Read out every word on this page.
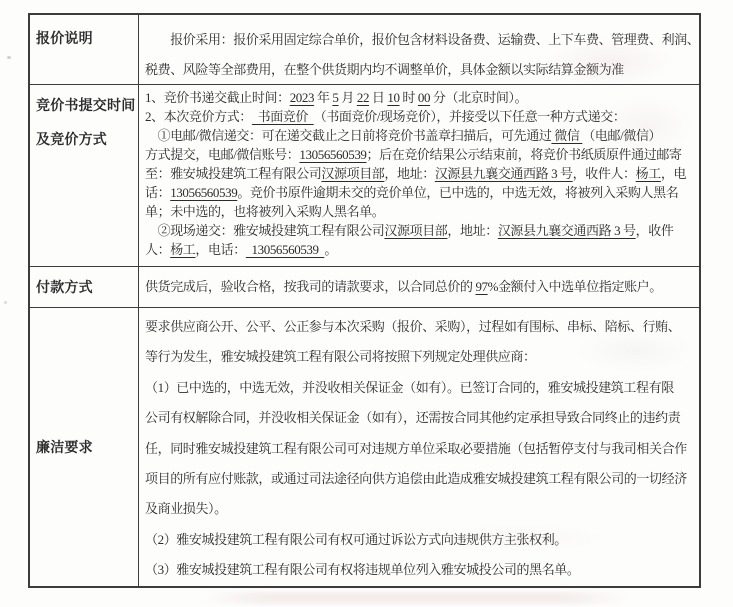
报价说明	　　报价采用：报价采用固定综合单价，报价包含材料设备费、运输费、上下车费、管理费、利润、
税费、风险等全部费用，在整个供货期内均不调整单价，具体金额以实际结算金额为准
竞价书提交时间
及竞价方式
1、竞价书递交截止时间：2023 年 5 月 22 日 10 时 00 分（北京时间）。
2、本次竞价方式：  书面竞价  （书面竞价/现场竞价），并接受以下任意一种方式递交：
　①电邮/微信递交：可在递交截止之日前将竞价书盖章扫描后，可先通过 微信 （电邮/微信）
方式提交，电邮/微信账号：13056560539；后在竞价结果公示结束前，将竞价书纸质原件通过邮寄
至：雅安城投建筑工程有限公司汉源项目部，地址：汉源县九襄交通西路 3 号，收件人：杨工，电
话：13056560539。竞价书原件逾期未交的竞价单位，已中选的，中选无效，将被列入采购人黑名
单；未中选的，也将被列入采购人黑名单。
　②现场递交：雅安城投建筑工程有限公司汉源项目部，地址：汉源县九襄交通西路 3 号，收件
人：杨工，电话：  13056560539  。
付款方式	供货完成后，验收合格，按我司的请款要求，以合同总价的 97%金额付入中选单位指定账户。
廉洁要求
要求供应商公开、公平、公正参与本次采购（报价、采购），过程如有围标、串标、陪标、行贿、
等行为发生，雅安城投建筑工程有限公司将按照下列规定处理供应商：
（1）已中选的，中选无效，并没收相关保证金（如有）。已签订合同的，雅安城投建筑工程有限
公司有权解除合同，并没收相关保证金（如有），还需按合同其他约定承担导致合同终止的违约责
任，同时雅安城投建筑工程有限公司可对违规方单位采取必要措施（包括暂停支付与我司相关合作
项目的所有应付账款，或通过司法途径向供方追偿由此造成雅安城投建筑工程有限公司的一切经济
及商业损失）。
（2）雅安城投建筑工程有限公司有权可通过诉讼方式向违规供方主张权利。
（3）雅安城投建筑工程有限公司有权将违规单位列入雅安城投公司的黑名单。
